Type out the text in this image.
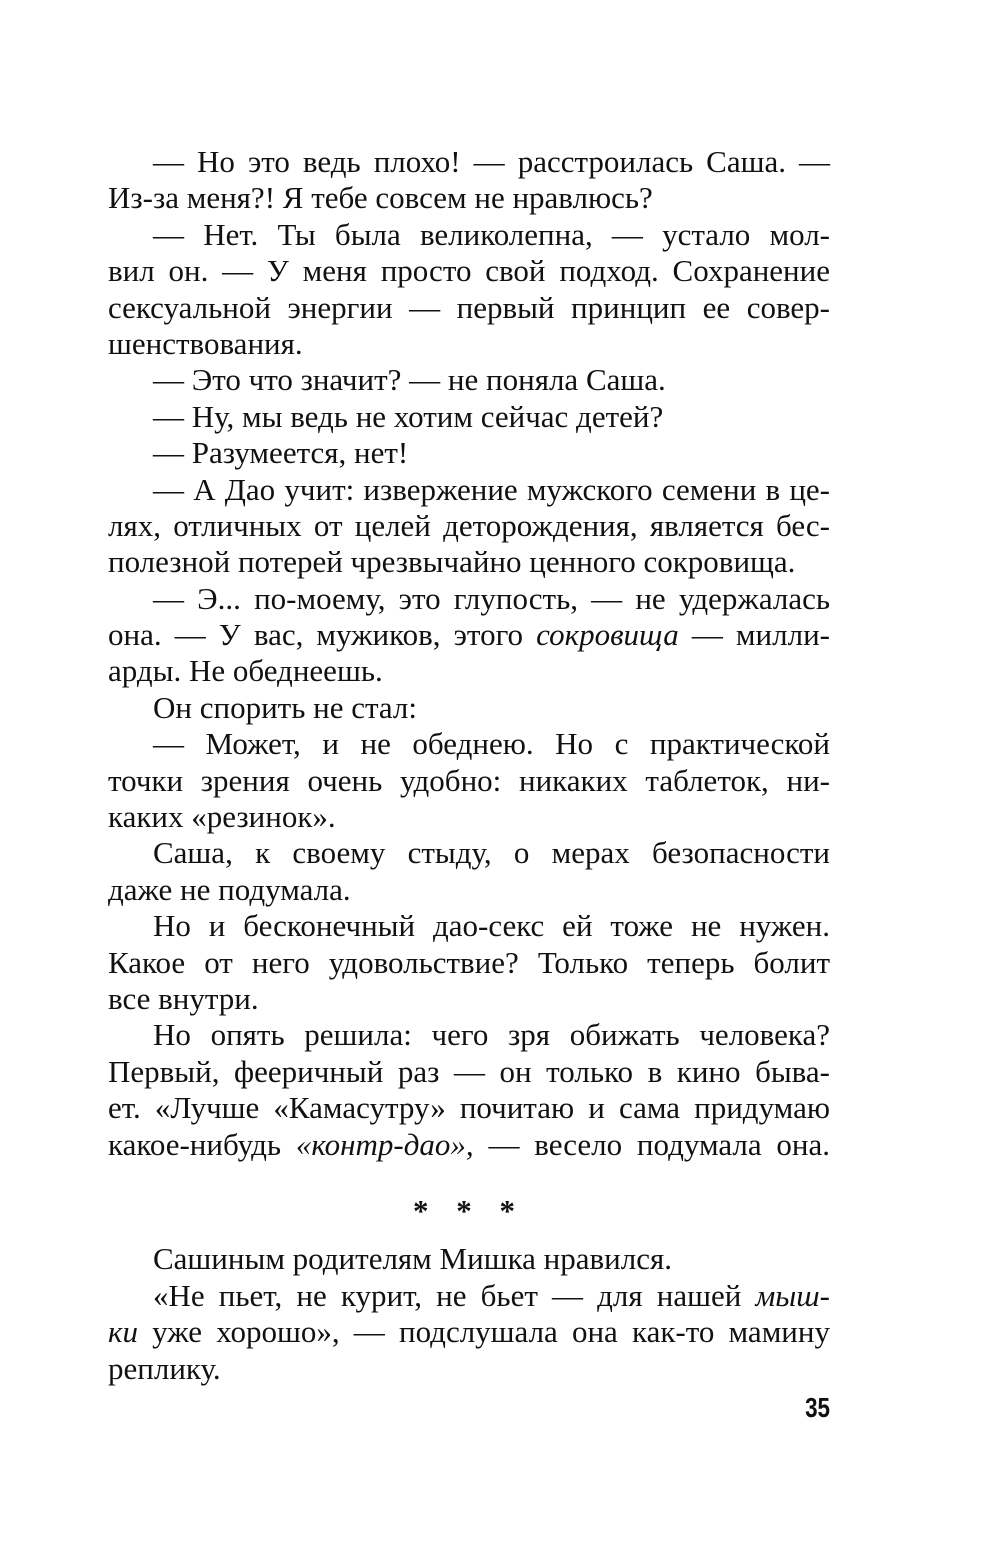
— Но это ведь плохо! — расстроилась Саша. —
Из-за меня?! Я тебе совсем не нравлюсь?
— Нет. Ты была великолепна, — устало мол-
вил он. — У меня просто свой подход. Сохранение
сексуальной энергии — первый принцип ее совер-
шенствования.
— Это что значит? — не поняла Саша.
— Ну, мы ведь не хотим сейчас детей?
— Разумеется, нет!
— А Дао учит: извержение мужского семени в це-
лях, отличных от целей деторождения, является бес-
полезной потерей чрезвычайно ценного сокровища.
— Э... по-моему, это глупость, — не удержалась
она. — У вас, мужиков, этого сокровища — милли-
арды. Не обеднеешь.
Он спорить не стал:
— Может, и не обеднею. Но с практической
точки зрения очень удобно: никаких таблеток, ни-
каких «резинок».
Саша, к своему стыду, о мерах безопасности
даже не подумала.
Но и бесконечный дао-секс ей тоже не нужен.
Какое от него удовольствие? Только теперь болит
все внутри.
Но опять решила: чего зря обижать человека?
Первый, фееричный раз — он только в кино быва-
ет. «Лучше «Камасутру» почитаю и сама придумаю
какое-нибудь «контр-дао», — весело подумала она.
* * *
Сашиным родителям Мишка нравился.
«Не пьет, не курит, не бьет — для нашей мыш-
ки уже хорошо», — подслушала она как-то мамину
реплику.
35
